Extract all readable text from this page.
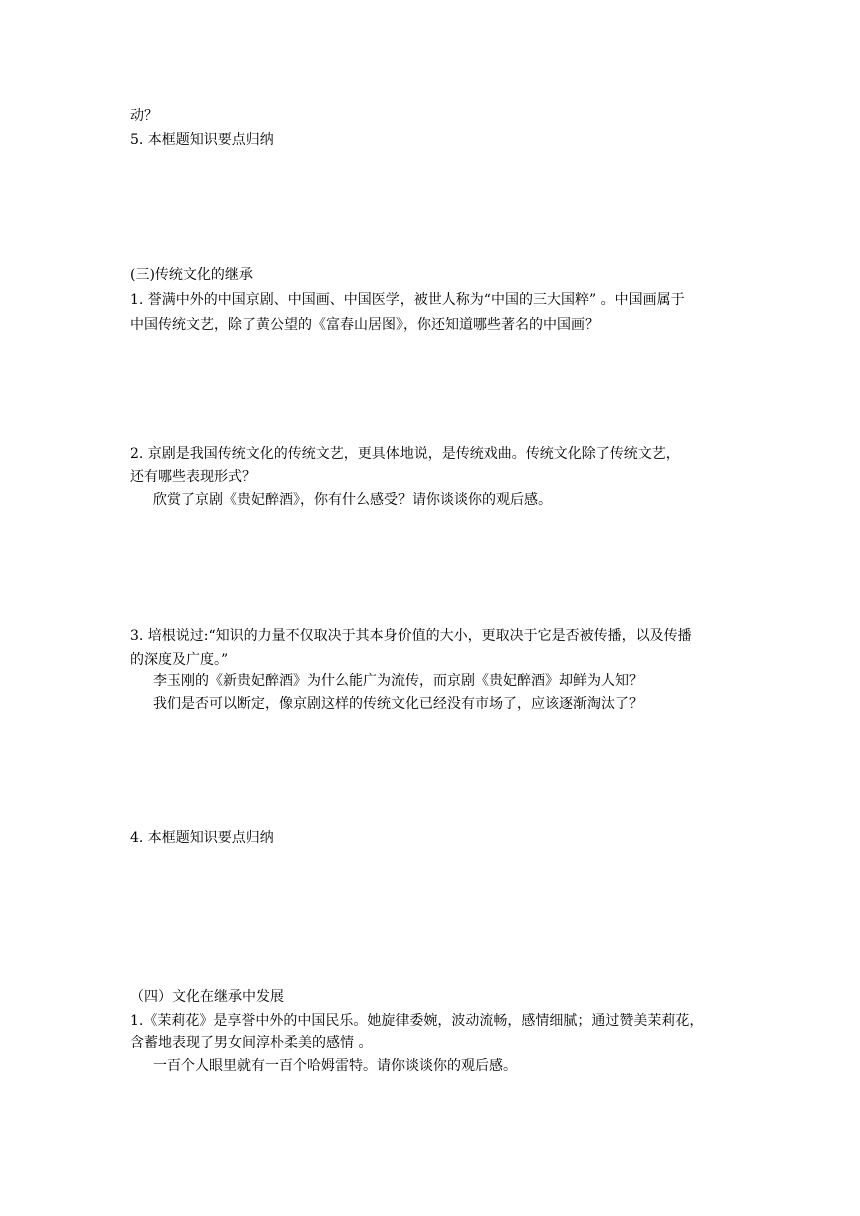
动？
5. 本框题知识要点归纳
(三)传统文化的继承
1. 誉满中外的中国京剧、中国画、中国医学，被世人称为“中国的三大国粹” 。中国画属于
中国传统文艺，除了黄公望的《富春山居图》，你还知道哪些著名的中国画？
2. 京剧是我国传统文化的传统文艺，更具体地说，是传统戏曲。传统文化除了传统文艺，
还有哪些表现形式？
欣赏了京剧《贵妃醉酒》，你有什么感受？请你谈谈你的观后感。
3. 培根说过:“知识的力量不仅取决于其本身价值的大小，更取决于它是否被传播，以及传播
的深度及广度。”
李玉刚的《新贵妃醉酒》为什么能广为流传，而京剧《贵妃醉酒》却鲜为人知？
我们是否可以断定，像京剧这样的传统文化已经没有市场了，应该逐渐淘汰了？
4. 本框题知识要点归纳
（四）文化在继承中发展
1.《茉莉花》是享誉中外的中国民乐。她旋律委婉，波动流畅，感情细腻；通过赞美茉莉花，
含蓄地表现了男女间淳朴柔美的感情 。
一百个人眼里就有一百个哈姆雷特。请你谈谈你的观后感。
